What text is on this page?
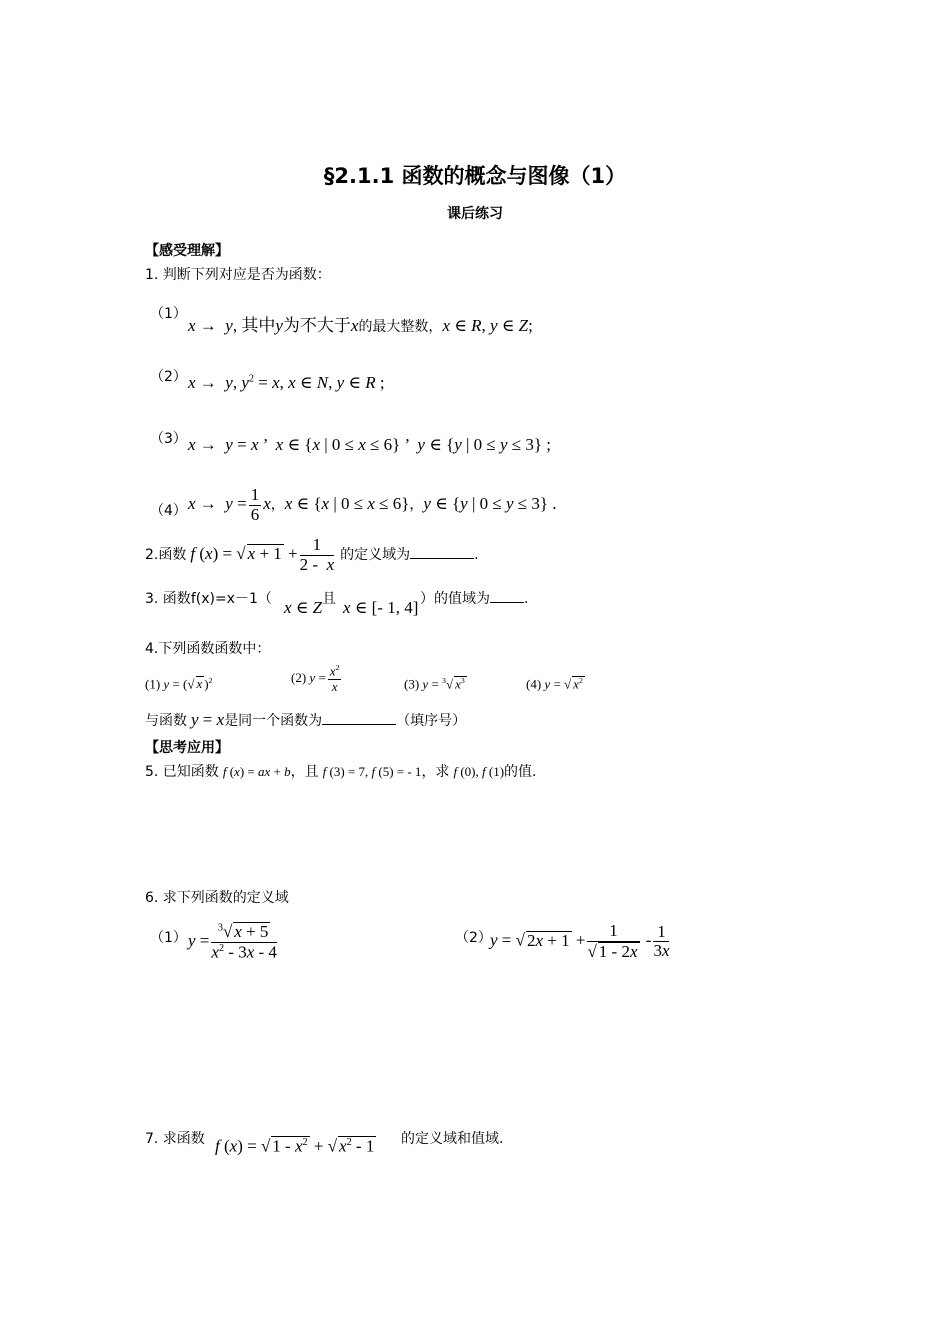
§2.1.1 函数的概念与图像（1）
课后练习
【感受理解】
1. 判断下列对应是否为函数：
（1）
x →  y, 其中y为不大于x的最大整数，x ∈ R, y ∈ Z;
（2） x →  y, $y^2 = x$, x ∈ N, y ∈ R ;
（3） x →  y = x ’  x ∈ {x | 0 ≤ x ≤ 6} ’  y ∈ {y | 0 ≤ y ≤ 3} ;
（4） $x \to y = \frac{1}{6}$ x，x ∈ {x | 0 ≤ x ≤ 6}，y ∈ {y | 0 ≤ y ≤ 3} .
2.函数 f (x) = √ $x + 1 + \frac{1}{2 - x}$ 的定义域为	.
3. 函数f(x)=x－1（ x ∈ Z 且 x ∈ [- 1, 4] ）的值域为 .
4.下列函数函数中：
(1) y = (√ x )$^2$	(2) $y = \frac{x^2}{x}$	(3) y = $^3$√ $x^3$	(4) y = √ $x^2$
与函数 y = x是同一个函数为	（填序号）
【思考应用】
5. 已知函数 f (x) = ax + b，且 f (3) = 7, f (5) = - 1，求 f (0), f (1)的值.
6. 求下列函数的定义域
（1） $y = \frac{^3√ x + 5}{x^2 - 3x - 4}$	（2）
y = √ $2x + 1 + \frac{1}{√ 1 - 2x} - \frac{1}{3x}$
7. 求函数 f (x) = √ $1 - x^2$ + √ $x^2 - 1$ 的定义域和值域.
